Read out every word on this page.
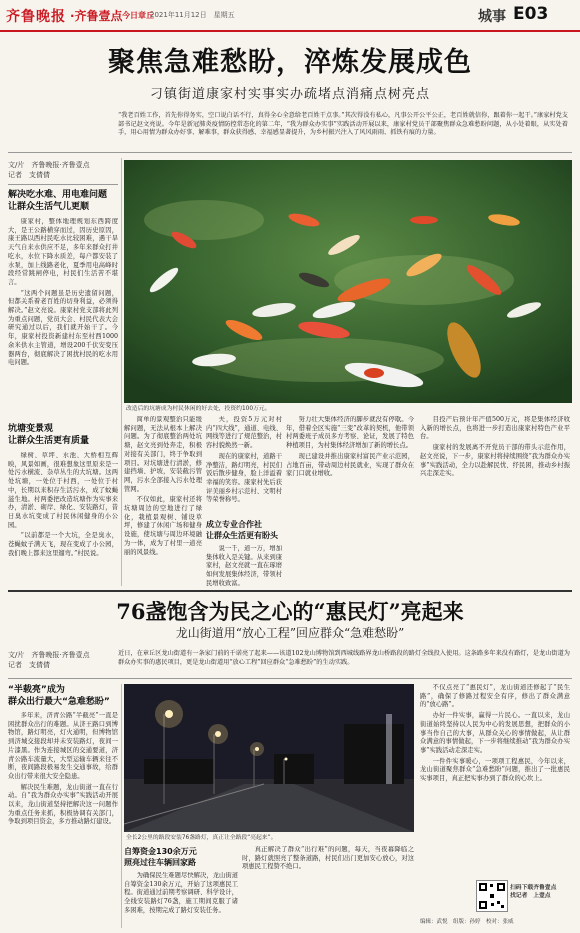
齐鲁晚报 ·齐鲁壹点 今日章丘
2021年11月12日　星期五	城事 E03
聚焦急难愁盼，淬炼发展成色
刁镇街道康家村实事实办疏堵点消痛点树亮点
“我老百姓工作，首先你得务实，空口说白话不行，真得全心全意给老百姓干点事。”其次得没有私心，凡事公开公平公正，老百姓就信你，跟着你一起干。”康家村党支部书记赵文亮说。今年是新冠肺炎疫情防控常态化的第二年，“我为群众办实事”实践活动开展以来，康家村党员干部聚焦群众急难愁盼问题，从小处着眼，从实处着手，用心用情为群众办好事、解难事，群众获得感、幸福感显著提升，为乡村振兴注入了风风雨雨、抓铁有痕的力量。
文/片　齐鲁晚报·齐鲁壹点
记者　支倩倩
解决吃水难、用电难问题
让群众生活气儿更顺

康家村，整体地理规划东西跨度大，是王公路横穿而过，因历史原因，康王路以西村民吃水比较困难，遇干旱天气自来水供应不足，多年来群众打井吃水，水位下降水质差，每户都安装了水泵，加上线路老化，夏季用电高峰时段经常跳闸停电，村民们生活苦不堪言。

“这两个问题虽是历史遗留问题，但都关系着老百姓的切身利益，必须得解决。”赵文亮说。康家村党支部将此列为重点问题，党员大会、村民代表大会研究通过以后，我们就开始干了。今年，康家村投资新建村东至村西1000余米供水主管道，增设200千伏安变压器两台，彻底解决了困扰村民的吃水用电问题。

坑塘变景观
让群众生活更有质量

绿树、草坪、水池、大桥相互辉映，风景如画，很难想象这里原来是一处污水横流、杂草丛生的大坑塘。这两处坑塘，一处位于村西，一处位于村中，长期以来积存生活污水，成了蚊蝇滋生地。村两委把改造坑塘作为实事来办，清淤、砌岸、绿化、安装路灯，昔日臭水坑变成了村民休闲健身的小公园。

“以前都是一个大坑，全是臭水，苍蝇蚊子满天飞，现在变成了小公园，我们晚上都来这里遛弯。”村民说。

改造后的坑塘成为村民休闲的好去处，投资约100万元。

简单的景观整治只能缓解问题，无法从根本上解决问题。为了彻底整治两处坑塘，赵文亮到处奔走，积极对接有关部门，终于争取到项目。对坑塘进行清淤，修建挡墙、护坡，安装截污管网，污水全部接入污水处理管网。

不仅如此，康家村还将坑塘周边的空地进行了绿化，栽植景观树、铺设草坪，修建了休闲广场和健身设施，使坑塘与周边环境融为一体，成为了村里一道亮丽的风景线。

夫，投资5万元对村内“四大线”，通道、电线、网线等进行了规范整治，村容村貌焕然一新。

现在的康家村，道路干净整洁，路灯明亮，村民们饭后散步健身，脸上洋溢着幸福的笑容。康家村先后获评美丽乡村示范村、文明村等荣誉称号。

成立专业合作社
让群众生活更有盼头

说一千，道一万，增加集体收入是关键。从来到康家村，赵文亮就一直在琢磨如何发展集体经济，带领村民增收致富。

努力壮大集体经济的脚步就没有停歇。今年，借着全区实施“三变”改革的契机，他带领村两委班子成员多方考察、论证，发展了特色种植项目，为村集体经济增加了新的增长点。

现已建设并推出康家村富民产业示范园，占地百亩，带动周边村民就业，实现了群众在家门口就业增收。

目投产后预计年产值500万元，将是集体经济收入新的增长点，也将进一步打造出康家村特色产业平台。

康家村的发展离不开党员干部的带头示范作用，赵文亮说，下一步，康家村将持续围绕“我为群众办实事”实践活动，全力以赴解民忧、纾民困，推动乡村振兴走深走实。

76盏饱含为民之心的“惠民灯”亮起来
龙山街道用“放心工程”回应群众“急难愁盼”
文/片　齐鲁晚报·齐鲁壹点
记者　支倩倩
近日，在章丘区龙山街道有一条家门前的千诺亮了起来——该道102龙山博物馆到西城线路界龙山桥路段的路灯全线投入使用。这条路多年来没有路灯，是龙山街道为群众办实事的惠民项目，更是龙山街道用“放心工程”回应群众“急难愁盼”的生动实践。
“半载亮”成为
群众出行最大“急难愁盼”

多年来，济青公路“半截亮”一直是困扰群众出行的难题。从济王路口到博物馆，路灯明亮，灯火通明，但博物馆到济城交接段却并未安装路灯，夜间一片漆黑。作为连接城区的交通要道，济青公路车流量大，大型运输车辆来往不断，夜间路段极易发生交通事故，给群众出行带来很大安全隐患。

解决民生难题，龙山街道一直在行动。自“我为群众办实事”实践活动开展以来，龙山街道坚持把解决这一问题作为重点任务来抓，积极协调有关部门，争取到项目资金，多方推动路灯建设。

全长2公里的路段安装76盏路灯，真正让全路段“亮起来”。
自筹资金130余万元
照亮过往车辆回家路

为确保民生难题尽快解决，龙山街道自筹资金130余万元，开始了这项惠民工程。街道通过前期考察调研、科学设计，全线安装路灯76盏，施工期间克服了诸多困难，按期完成了路灯安装任务。

真正解决了群众“出行难”的问题，每天，当夜幕降临之时，路灯就照亮了整条道路，村民们出门更加安心放心，对这项惠民工程赞不绝口。

不仅点亮了“惠民灯”，龙山街道还修起了“民生路”，确保了修路过程安全有序，修出了群众满意的“放心路”。

办好一件实事，赢得一片民心。一直以来，龙山街道始终坚持以人民为中心的发展思想，把群众的小事当作自己的大事，从群众关心的事情做起，从让群众满意的事情做起，下一步将继续推动“我为群众办实事”实践活动走深走实。

一件件实事暖心，一项项工程惠民，今年以来，龙山街道聚焦群众“急难愁盼”问题，推出了一批惠民实事项目，真正把实事办到了群众的心坎上。

扫码下载齐鲁壹点
找记者　上壹点
编辑：武悦　组版：孙婷　校对：张威
